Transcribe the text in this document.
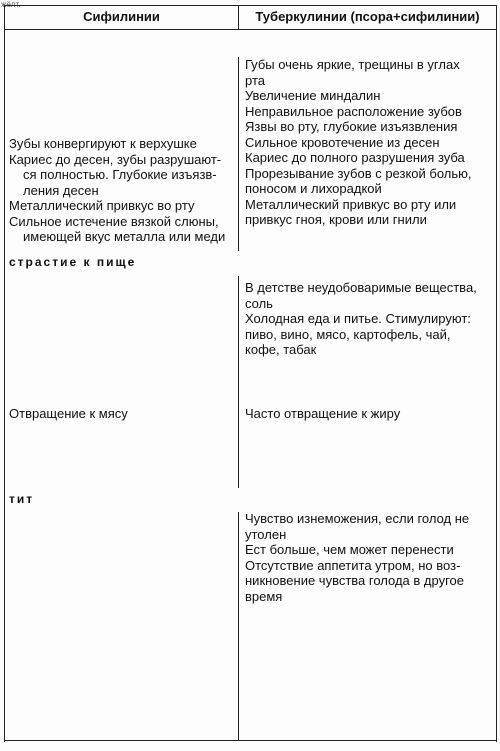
жёлт.
Сифилинии	Туберкулинии (псора+сифилинии)
Зубы конвергируют к верхушке
Кариес до десен, зубы разрушают-
ся полностью. Глубокие изъязв-
ления десен
Металлический привкус во рту
Сильное истечение вязкой слюны,
имеющей вкус металла или меди
Губы очень яркие, трещины в углах
рта
Увеличение миндалин
Неправильное расположение зубов
Язвы во рту, глубокие изъязвления
Сильное кровотечение из десен
Кариес до полного разрушения зуба
Прорезывание зубов с резкой болью,
поносом и лихорадкой
Металлический привкус во рту или
привкус гноя, крови или гнили
страстие к пище
Отвращение к мясу
В детстве неудобоваримые вещества,
соль
Холодная еда и питье. Стимулируют:
пиво, вино, мясо, картофель, чай,
кофе, табак
Часто отвращение к жиру
тит
Чувство изнеможения, если голод не
утолен
Ест больше, чем может перенести
Отсутствие аппетита утром, но воз-
никновение чувства голода в другое
время
